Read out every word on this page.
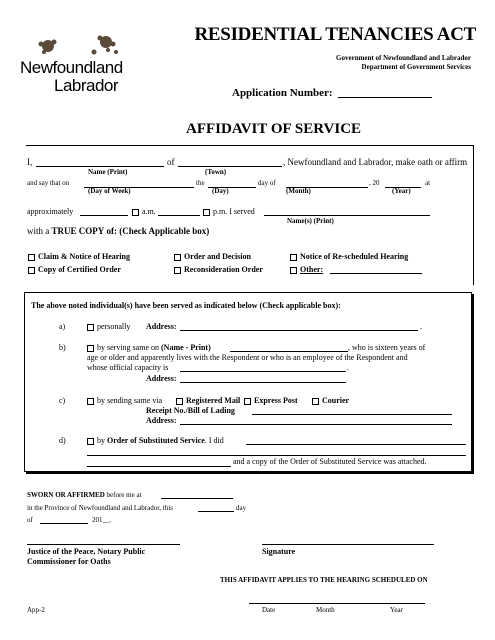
Newfoundland
Labrador
RESIDENTIAL TENANCIES ACT
Government of Newfoundland and Labrador
Department of Government Services
Application Number:
AFFIDAVIT OF SERVICE
I,	of	, Newfoundland and Labrador, make oath or affirm
Name (Print)	(Town)
and say that on	the	day of	, 20	at
(Day of Week)	(Day)	(Month)	(Year)
approximately	a.m.	p.m. I served
Name(s) (Print)
with a TRUE COPY of: (Check Applicable box)
Claim & Notice of Hearing	Order and Decision	Notice of Re-scheduled Hearing
Copy of Certified Order	Reconsideration Order	Other:
The above noted individual(s) have been served as indicated below (Check applicable box):
a)	personally Address:	.
b)	by serving same on (Name - Print)	, who is sixteen years of
age or older and apparently lives with the Respondent or who is an employee of the Respondent and
whose official capacity is	.
Address:
c)	by sending same via	Registered Mail	Express Post	Courier
Receipt No./Bill of Lading
Address:
d)	by Order of Substituted Service. I did
and a copy of the Order of Substituted Service was attached.
SWORN OR AFFIRMED before me at
in the Province of Newfoundland and Labrador, this	day
of	201__.
Justice of the Peace, Notary Public
Commissioner for Oaths
Signature
THIS AFFIDAVIT APPLIES TO THE HEARING SCHEDULED ON
App-2	Date	Month	Year
